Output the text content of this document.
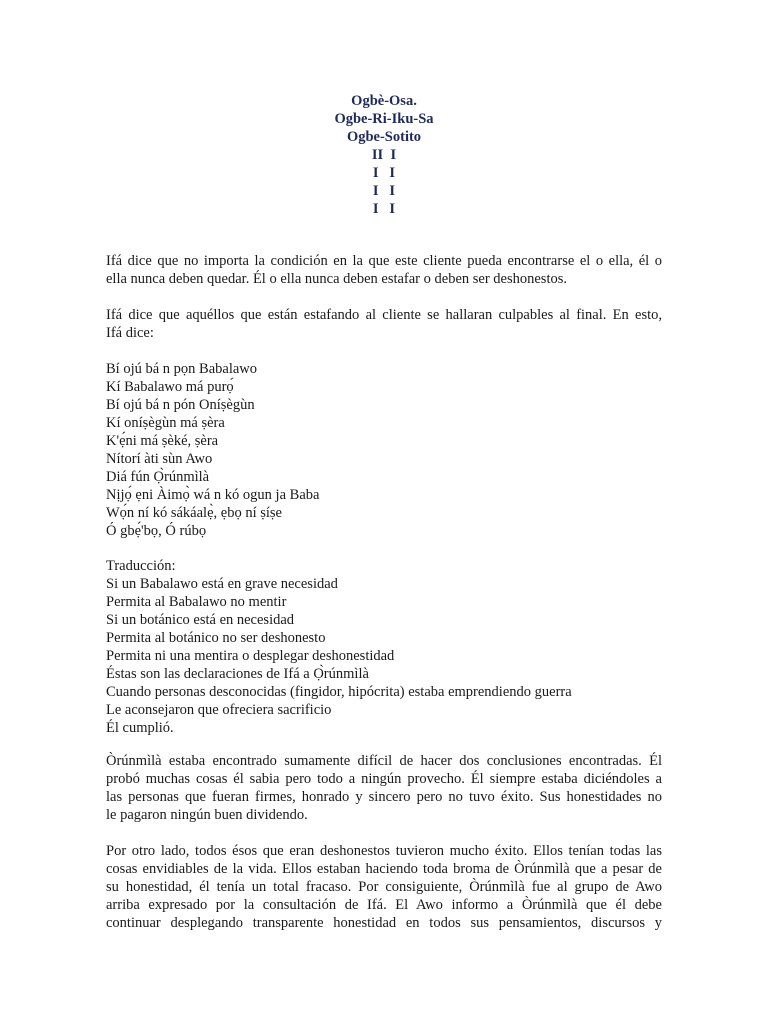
Ogbè-Osa.
Ogbe-Ri-Iku-Sa
Ogbe-Sotito
II  I
I   I
I   I
I   I
Ifá dice que no importa la condición en la que este cliente pueda encontrarse el o ella, él o
ella nunca deben quedar. Él o ella nunca deben estafar o deben ser deshonestos.
Ifá dice que aquéllos que están estafando al cliente se hallaran culpables al final. En esto,
Ifá dice:
Bí ojú bá n pọn Babalawo
Kí Babalawo má purọ́
Bí ojú bá n pón Oníṣègùn
Kí oníṣègùn má ṣèra
K'ẹ́ni má ṣèké, ṣèra
Nítorí àti sùn Awo
Diá fún Ọ̀rúnmìlà
Nịjọ́ ẹni Àimọ̀ wá n kó ogun ja Baba
Wọ́n ní kó sákáalẹ̀, ẹbọ ní ṣíṣe
Ó gbẹ́'bọ, Ó rúbọ
Traducción:
Si un Babalawo está en grave necesidad
Permita al Babalawo no mentir
Si un botánico está en necesidad
Permita al botánico no ser deshonesto
Permita ni una mentira o desplegar deshonestidad
Éstas son las declaraciones de Ifá a Ọ̀rúnmìlà
Cuando personas desconocidas (fingidor, hipócrita) estaba emprendiendo guerra
Le aconsejaron que ofreciera sacrificio
Él cumplió.
Òrúnmìlà estaba encontrado sumamente difícil de hacer dos conclusiones encontradas. Él
probó muchas cosas él sabia pero todo a ningún provecho. Él siempre estaba diciéndoles a
las personas que fueran firmes, honrado y sincero pero no tuvo éxito. Sus honestidades no
le pagaron ningún buen dividendo.
Por otro lado, todos ésos que eran deshonestos tuvieron mucho éxito. Ellos tenían todas las
cosas envidiables de la vida. Ellos estaban haciendo toda broma de Òrúnmìlà que a pesar de
su honestidad, él tenía un total fracaso. Por consiguiente, Òrúnmìlà fue al grupo de Awo
arriba expresado por la consultación de Ifá. El Awo informo a Òrúnmìlà que él debe
continuar desplegando transparente honestidad en todos sus pensamientos, discursos y
